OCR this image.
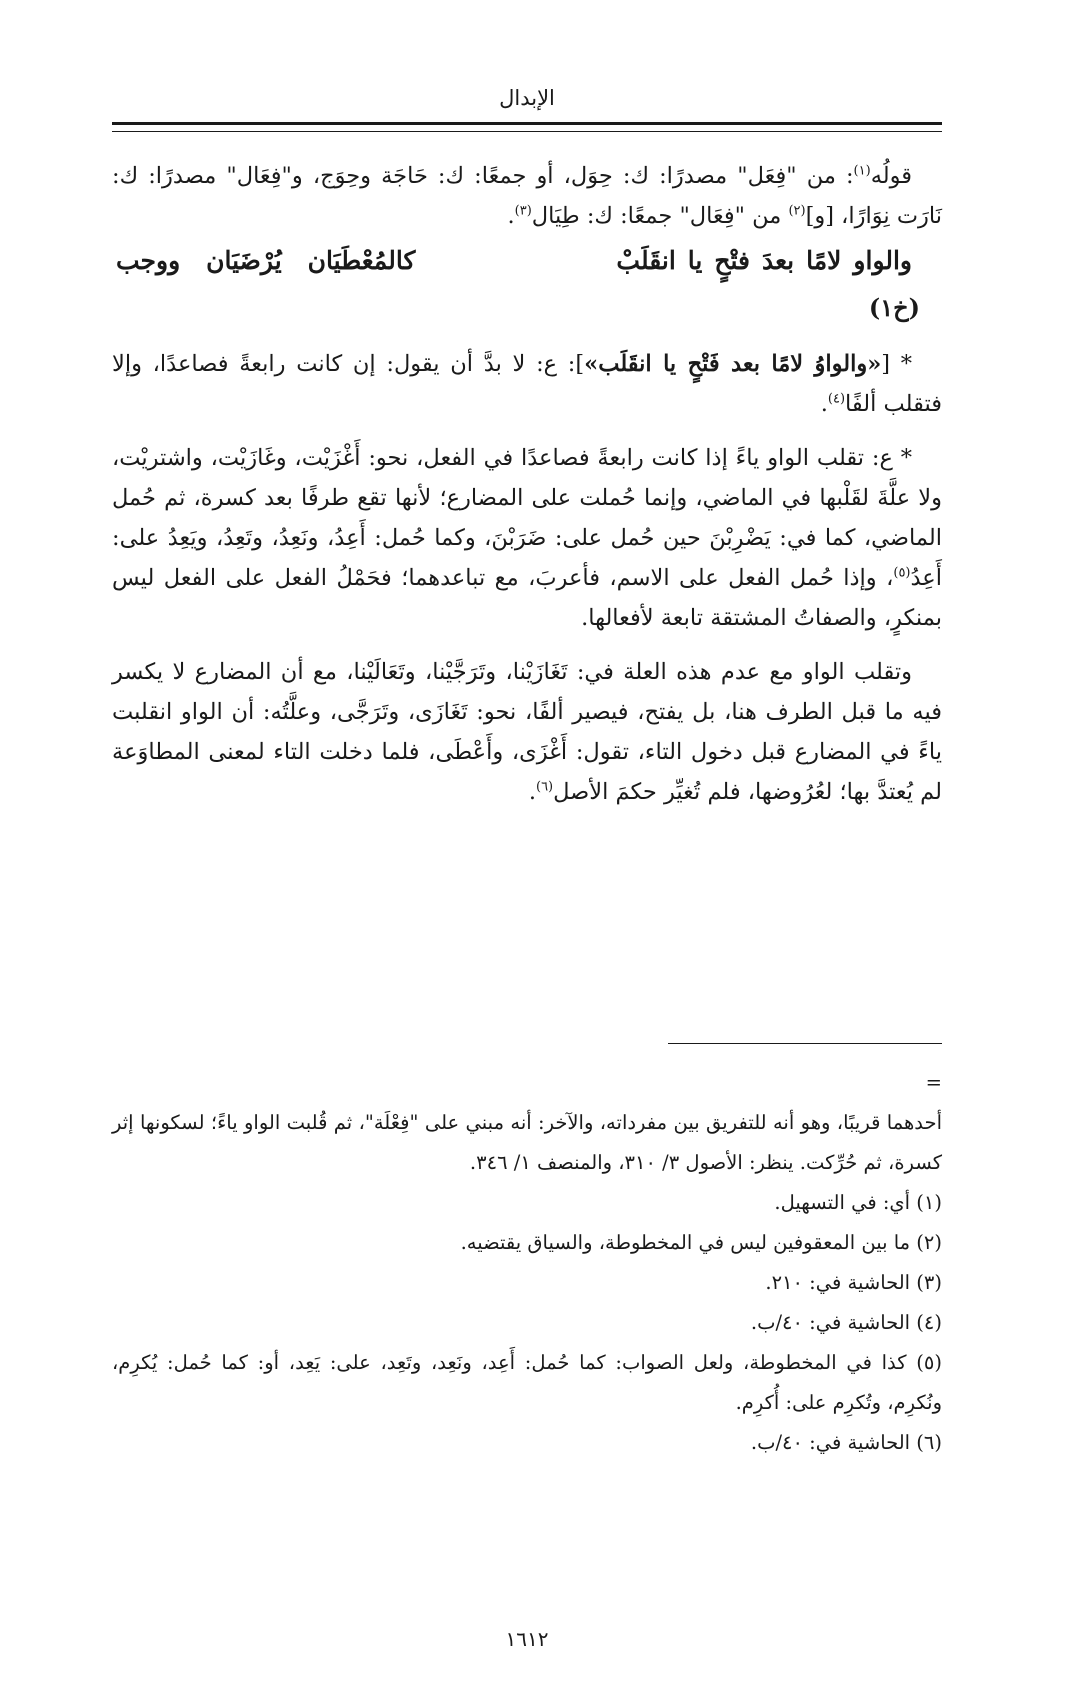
الإبدال

قولُه$^{(١)}$: من "فِعَل" مصدرًا: ك: حِوَل، أو جمعًا: ك: حَاجَة وحِوَج، و"فِعَال" مصدرًا: ك: نَارَت نِوَارًا، [و]$^{(٢)}$ من "فِعَال" جمعًا: ك: طِيَال$^{(٣)}$.

والواو
لامًا
بعدَ
فتْحٍ
يا
انقَلَبْ
كالمُعْطَيَان
يُرْضَيَان
ووجب
(خ١)

* [«والواوُ لامًا بعد فَتْحٍ يا انقَلَب»]: ع: لا بدَّ أن يقول: إن كانت رابعةً فصاعدًا، وإلا فتقلب ألفًا$^{(٤)}$.

* ع: تقلب الواو ياءً إذا كانت رابعةً فصاعدًا في الفعل، نحو: أَغْزَيْت، وغَازَيْت، واشتريْت، ولا علَّةَ لقَلْبها في الماضي، وإنما حُملت على المضارع؛ لأنها تقع طرفًا بعد كسرة، ثم حُمل الماضي، كما في: يَضْرِبْنَ حين حُمل على: ضَرَبْنَ، وكما حُمل: أَعِدُ، ونَعِدُ، وتَعِدُ، ويَعِدُ على: أَعِدُ$^{(٥)}$، وإذا حُمل الفعل على الاسم، فأعربَ، مع تباعدهما؛ فحَمْلُ الفعل على الفعل ليس بمنكرٍ، والصفاتُ المشتقة تابعة لأفعالها.

وتقلب الواو مع عدم هذه العلة في: تَغَازَيْنا، وتَرَجَّيْنا، وتَعَالَيْنا، مع أن المضارع لا يكسر فيه ما قبل الطرف هنا، بل يفتح، فيصير ألفًا، نحو: تَغَازَى، وتَرَجَّى، وعلَّتُه: أن الواو انقلبت ياءً في المضارع قبل دخول التاء، تقول: أَغْزَى، وأَعْطَى، فلما دخلت التاء لمعنى المطاوَعة لم يُعتدَّ بها؛ لعُرُوضها، فلم تُغيِّر حكمَ الأصل$^{(٦)}$.

=

أحدهما قريبًا، وهو أنه للتفريق بين مفرداته، والآخر: أنه مبني على "فِعْلَة"، ثم قُلبت الواو ياءً؛ لسكونها إثر كسرة، ثم حُرِّكت. ينظر: الأصول ٣/ ٣١٠، والمنصف ١/ ٣٤٦.

(١) أي: في التسهيل.

(٢) ما بين المعقوفين ليس في المخطوطة، والسياق يقتضيه.

(٣) الحاشية في: ٢١٠.

(٤) الحاشية في: ٤٠/ب.

(٥) كذا في المخطوطة، ولعل الصواب: كما حُمل: أَعِد، ونَعِد، وتَعِد، على: يَعِد، أو: كما حُمل: يُكرِم، ونُكرِم، وتُكرِم على: أُكرِم.

(٦) الحاشية في: ٤٠/ب.

١٦١٢
